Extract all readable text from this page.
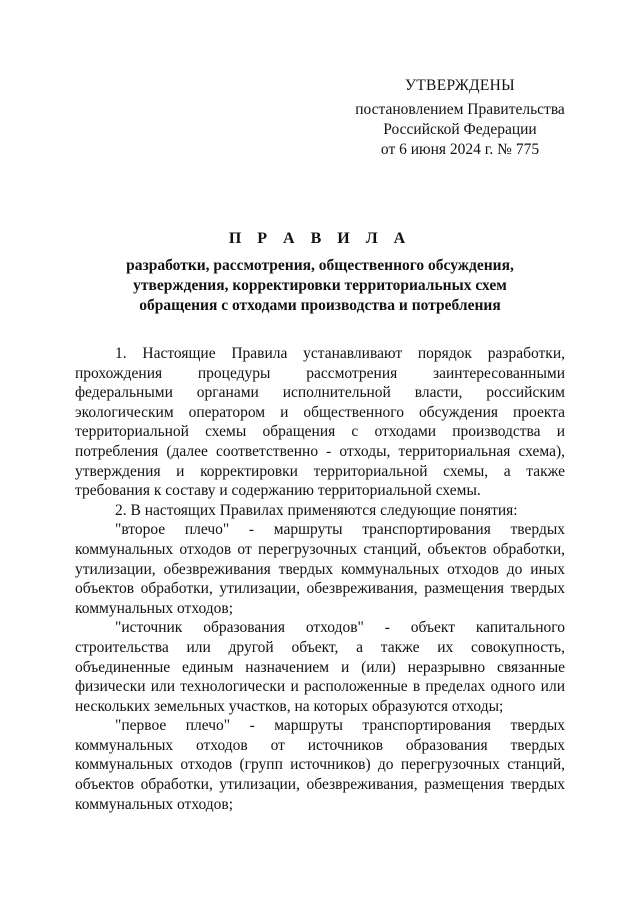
УТВЕРЖДЕНЫ
постановлением Правительства
Российской Федерации
от 6 июня 2024 г. № 775
П Р А В И Л А
разработки, рассмотрения, общественного обсуждения,
утверждения, корректировки территориальных схем
обращения с отходами производства и потребления

1. Настоящие Правила устанавливают порядок разработки, прохождения процедуры рассмотрения заинтересованными федеральными органами исполнительной власти, российским экологическим оператором и общественного обсуждения проекта территориальной схемы обращения с отходами производства и потребления (далее соответственно - отходы, территориальная схема), утверждения и корректировки территориальной схемы, а также требования к составу и содержанию территориальной схемы.

2. В настоящих Правилах применяются следующие понятия:

"второе плечо" - маршруты транспортирования твердых коммунальных отходов от перегрузочных станций, объектов обработки, утилизации, обезвреживания твердых коммунальных отходов до иных объектов обработки, утилизации, обезвреживания, размещения твердых коммунальных отходов;

"источник образования отходов" - объект капитального строительства или другой объект, а также их совокупность, объединенные единым назначением и (или) неразрывно связанные физически или технологически и расположенные в пределах одного или нескольких земельных участков, на которых образуются отходы;

"первое плечо" - маршруты транспортирования твердых коммунальных отходов от источников образования твердых коммунальных отходов (групп источников) до перегрузочных станций, объектов обработки, утилизации, обезвреживания, размещения твердых коммунальных отходов;
